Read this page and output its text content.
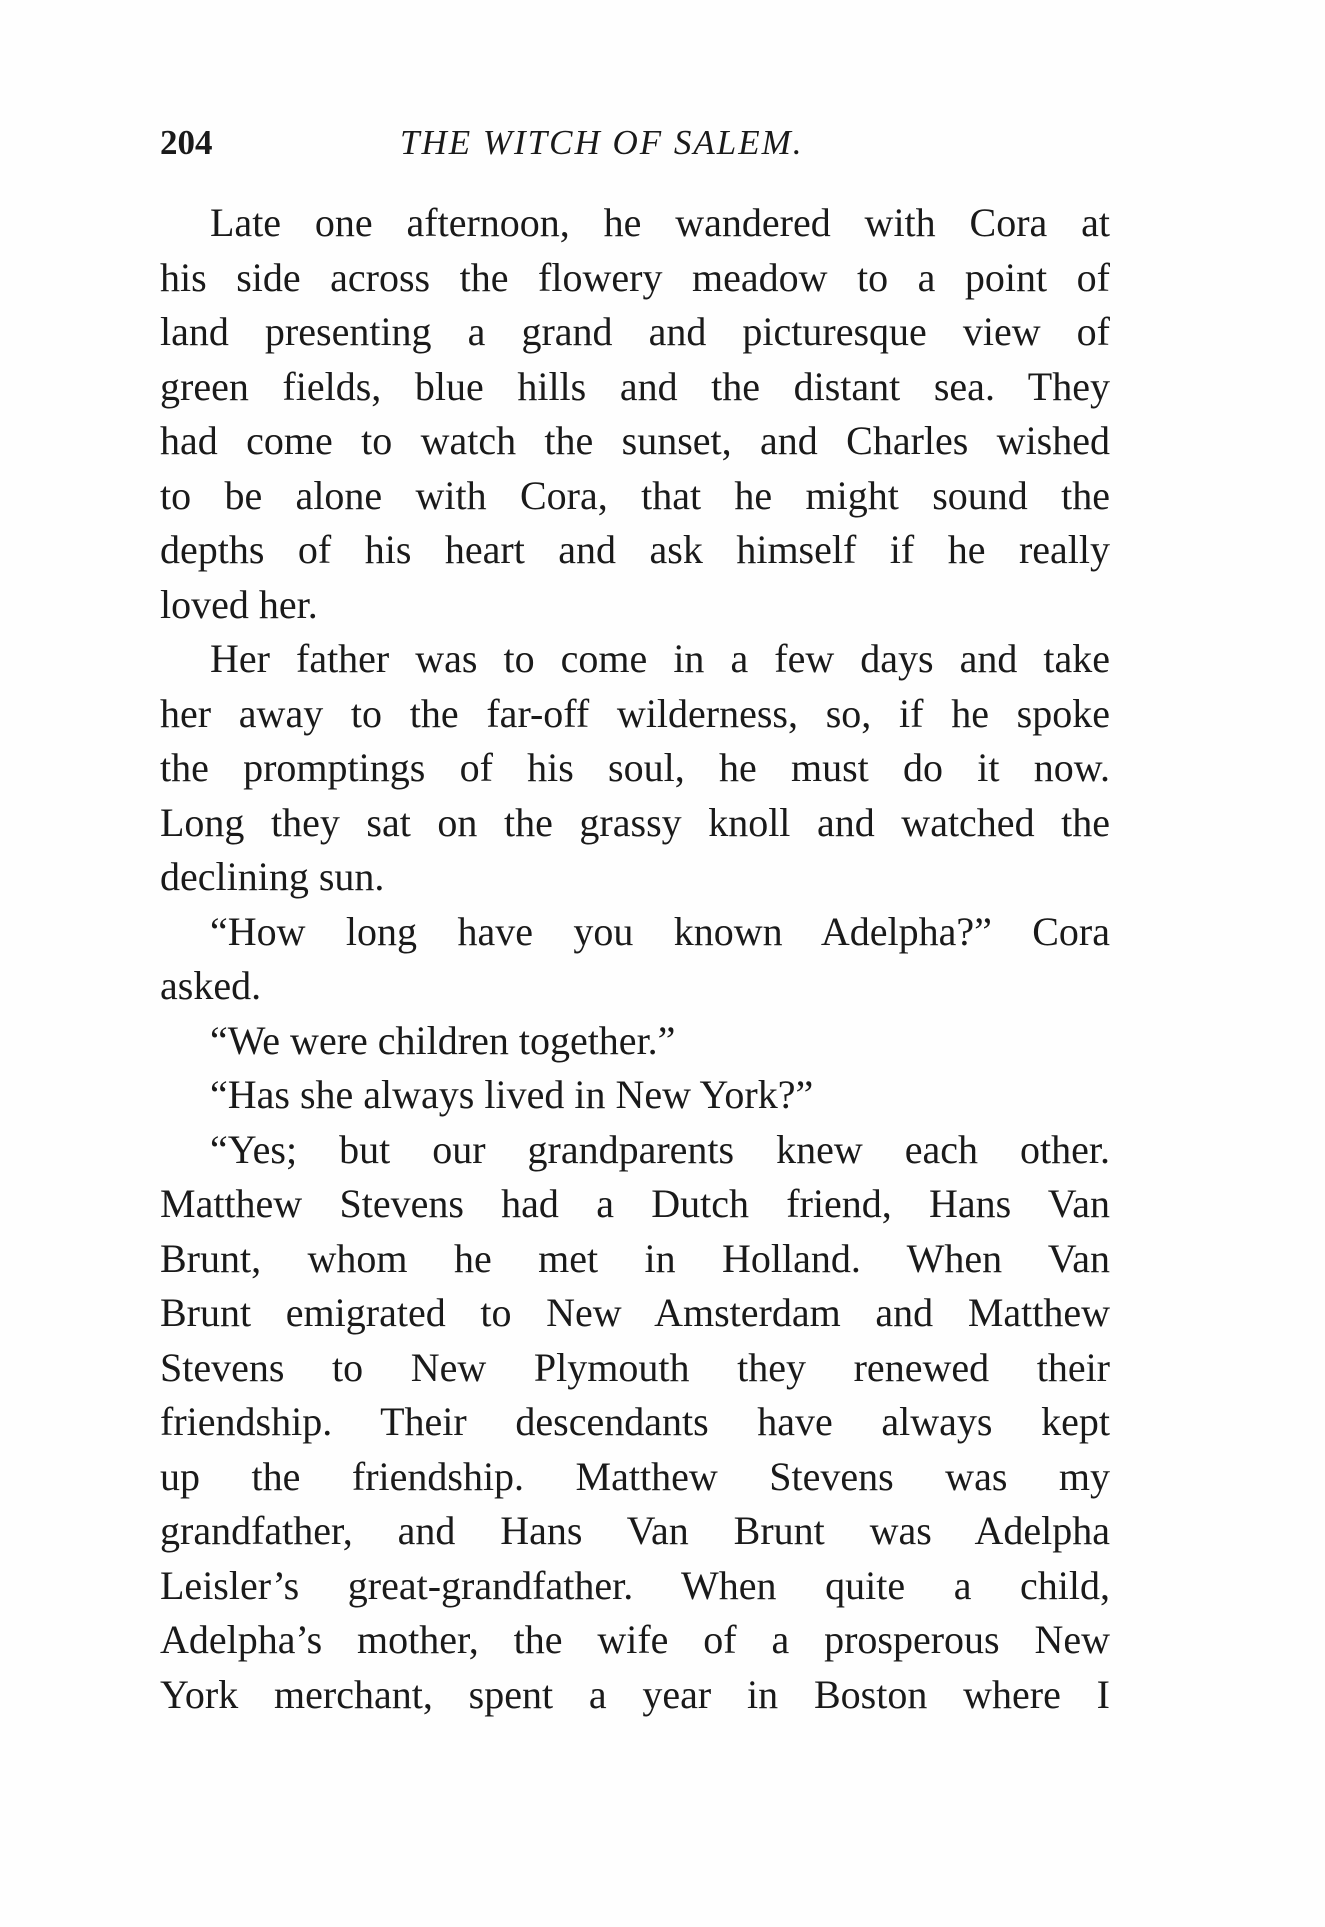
204	THE WITCH OF SALEM.
Late one afternoon, he wandered with Cora at
his side across the flowery meadow to a point of
land presenting a grand and picturesque view of
green fields, blue hills and the distant sea. They
had come to watch the sunset, and Charles wished
to be alone with Cora, that he might sound the
depths of his heart and ask himself if he really
loved her.
Her father was to come in a few days and take
her away to the far-off wilderness, so, if he spoke
the promptings of his soul, he must do it now.
Long they sat on the grassy knoll and watched the
declining sun.
“How long have you known Adelpha?” Cora
asked.
“We were children together.”
“Has she always lived in New York?”
“Yes; but our grandparents knew each other.
Matthew Stevens had a Dutch friend, Hans Van
Brunt, whom he met in Holland. When Van
Brunt emigrated to New Amsterdam and Matthew
Stevens to New Plymouth they renewed their
friendship. Their descendants have always kept
up the friendship. Matthew Stevens was my
grandfather, and Hans Van Brunt was Adelpha
Leisler’s great-grandfather. When quite a child,
Adelpha’s mother, the wife of a prosperous New
York merchant, spent a year in Boston where I
